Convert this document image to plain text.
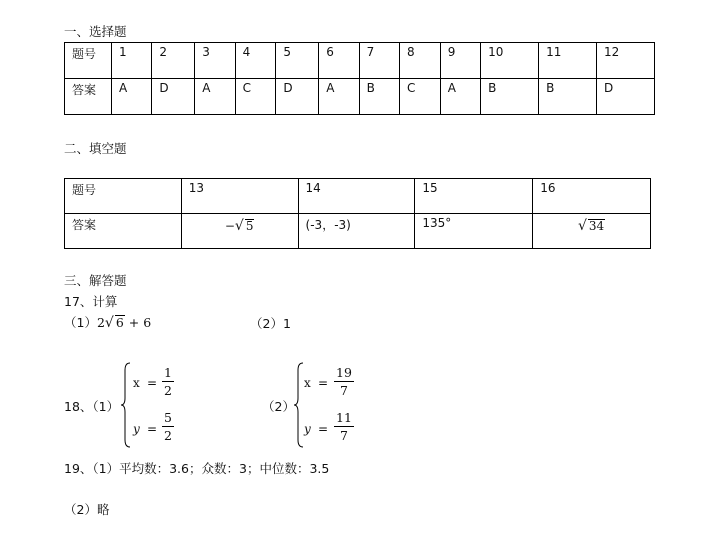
一、选择题
题号	1	2	3	4	5	6	7	8	9	10	11	12
答案	A	D	A	C	D	A	B	C	A	B	B	D
二、填空题
题号	13	14	15	16
答案	−√ 5	(-3，-3)	135°	√ 34
三、解答题
17、计算
（1）2√ 6 + 6	（2）1
18、（1）
$x = \frac{1}{2}$
$y = \frac{5}{2}$
（2）
$x = \frac{19}{7}$
$y = \frac{11}{7}$
19、（1）平均数：3.6；众数：3；中位数：3.5
（2）略
